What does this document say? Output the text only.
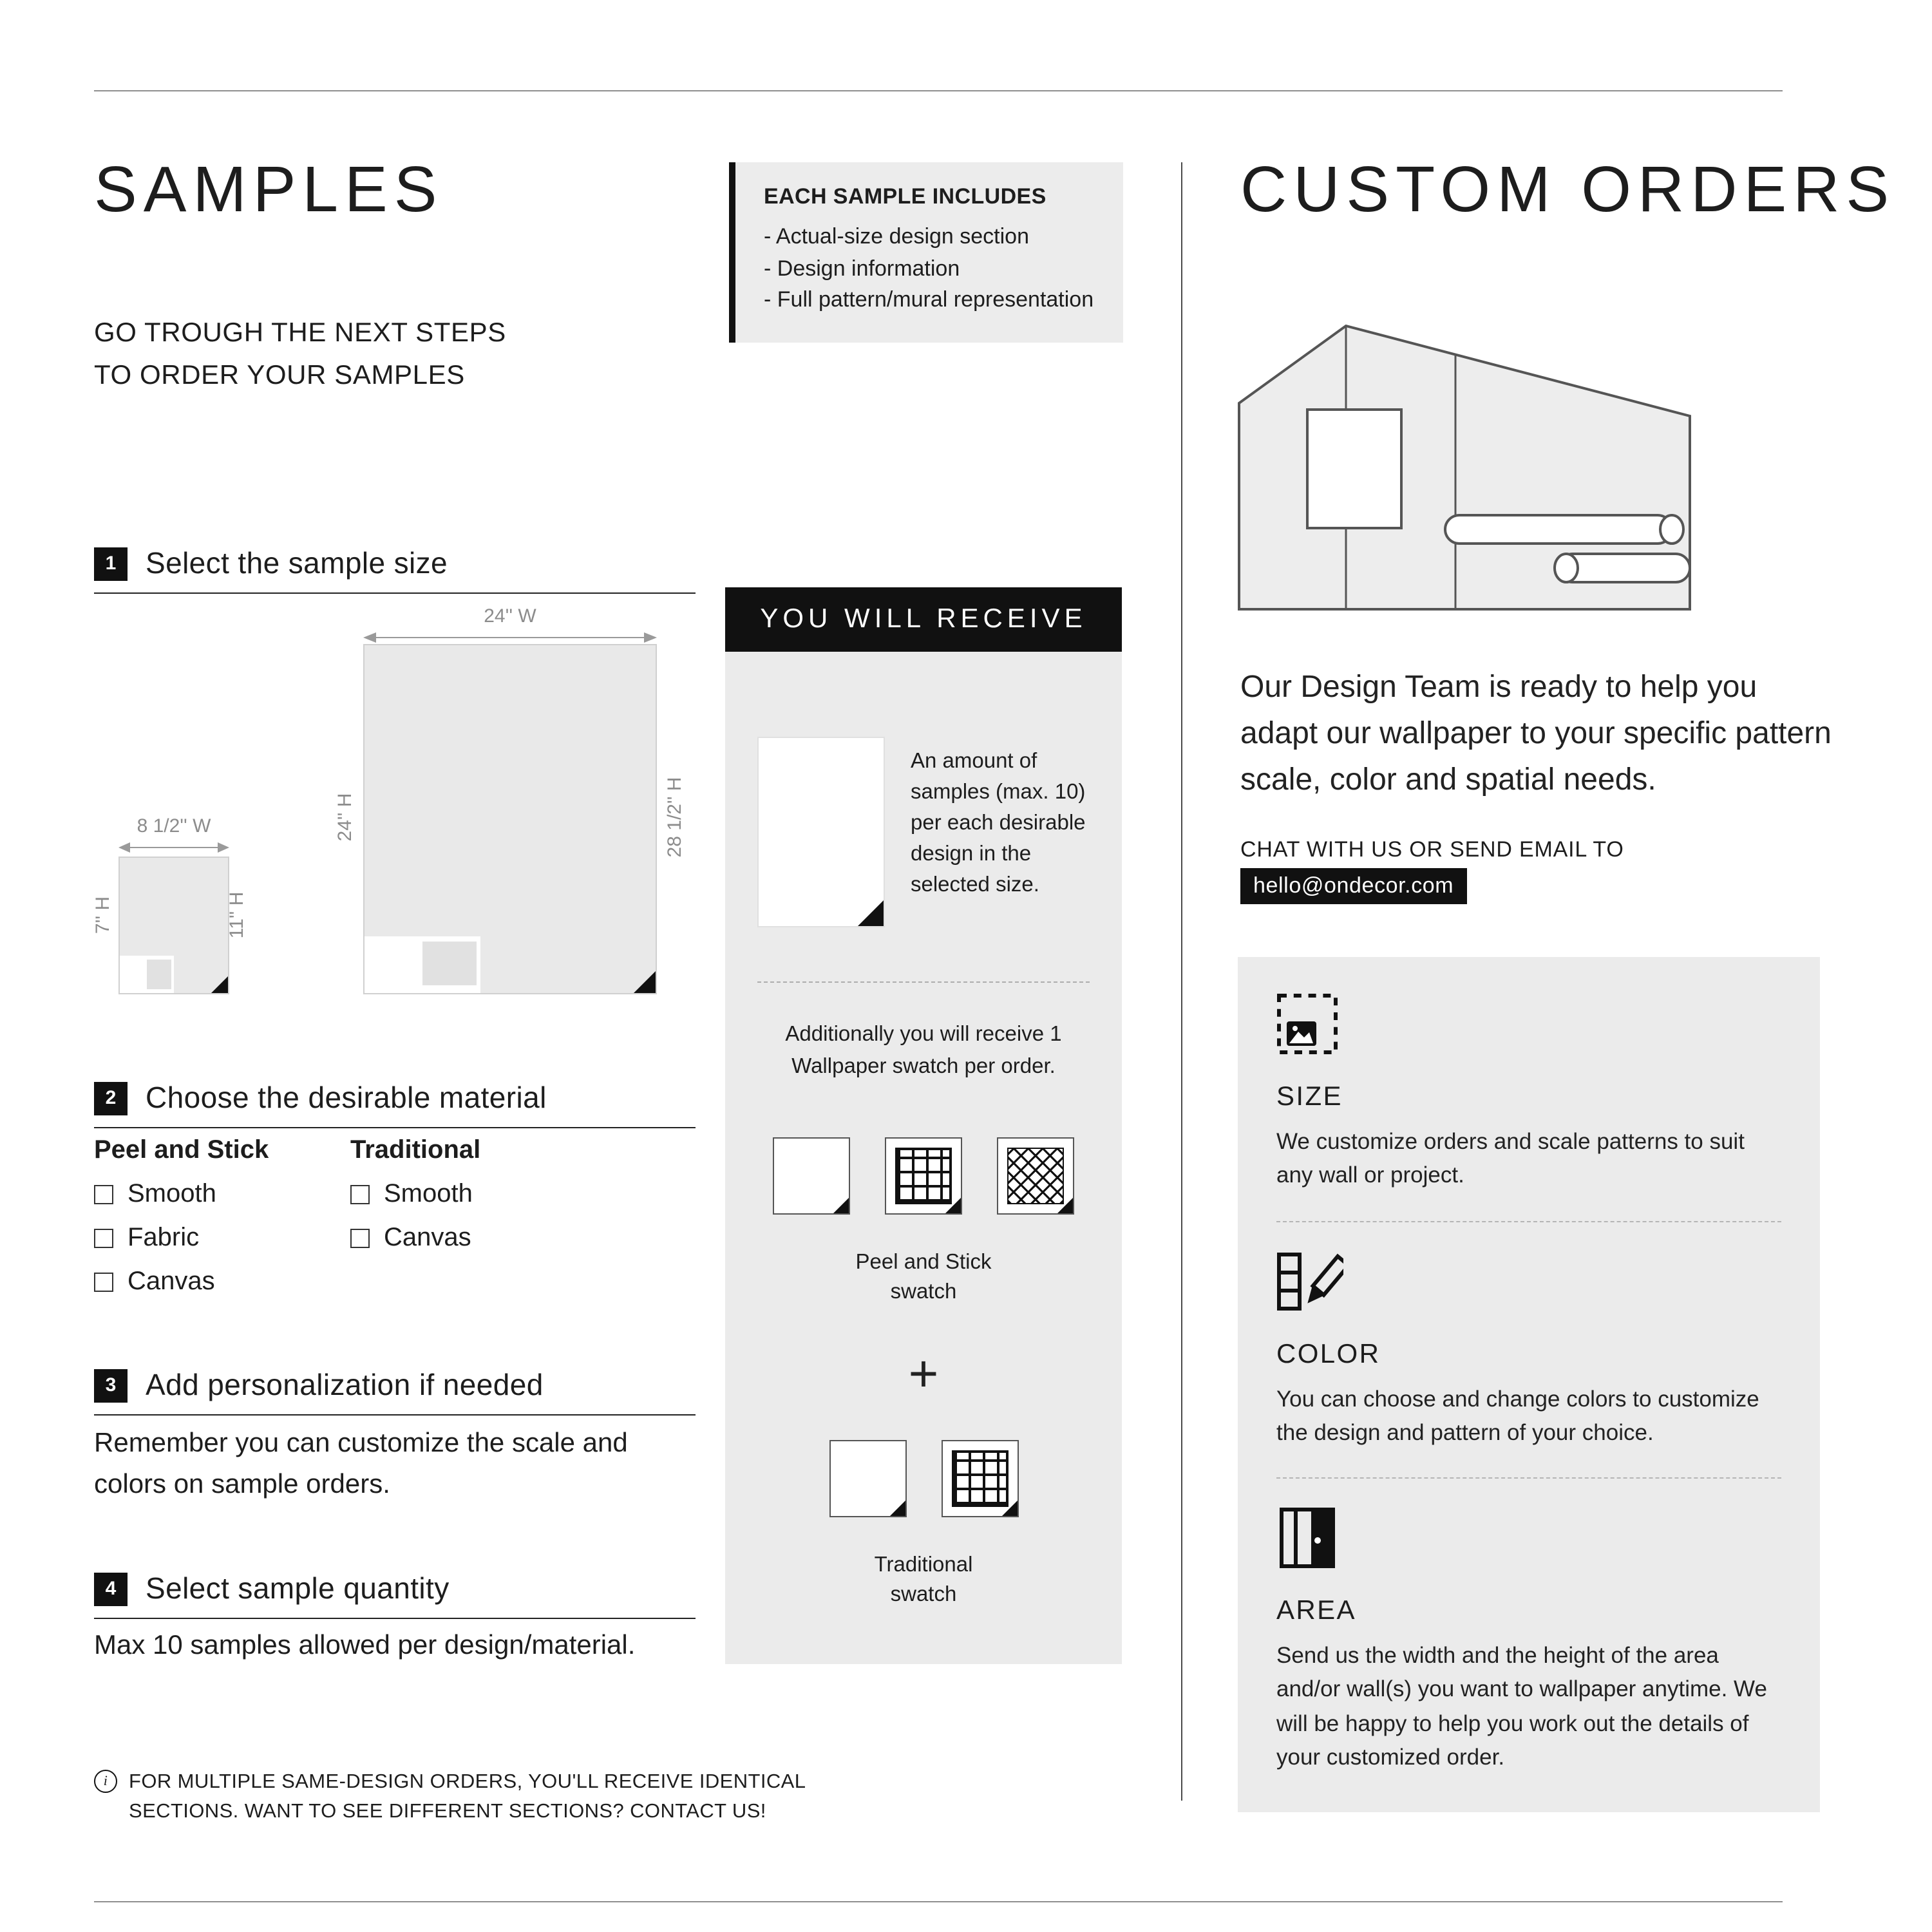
SAMPLES
GO TROUGH THE NEXT STEPS
TO ORDER YOUR SAMPLES
EACH SAMPLE INCLUDES
- Actual-size design section
- Design information
- Full pattern/mural representation
1	Select the sample size
24'' W
24'' H	28 1/2'' H
8 1/2'' W
7'' H	11'' H
2	Choose the desirable material
Peel and Stick
Smooth
Fabric
Canvas
Traditional
Smooth
Canvas
3	Add personalization if needed
Remember you can customize the scale and colors on sample orders.
4	Select sample quantity
Max 10 samples allowed per design/material.
i	FOR MULTIPLE SAME-DESIGN ORDERS, YOU'LL RECEIVE IDENTICAL
SECTIONS. WANT TO SEE DIFFERENT SECTIONS? CONTACT US!
YOU WILL RECEIVE
An amount of samples (max. 10) per each desirable design in the selected size.
Additionally you will receive 1 Wallpaper swatch per order.
Peel and Stick swatch
+
Traditional swatch
CUSTOM ORDERS
Our Design Team is ready to help you adapt our wallpaper to your specific pattern scale, color and spatial needs.
CHAT WITH US OR SEND EMAIL TO
hello@ondecor.com
SIZE
We customize orders and scale patterns to suit any wall or project.
COLOR
You can choose and change colors to customize the design and pattern of your choice.
AREA
Send us the width and the height of the area and/or wall(s) you want to wallpaper anytime. We will be happy to help you work out the details of your customized order.
